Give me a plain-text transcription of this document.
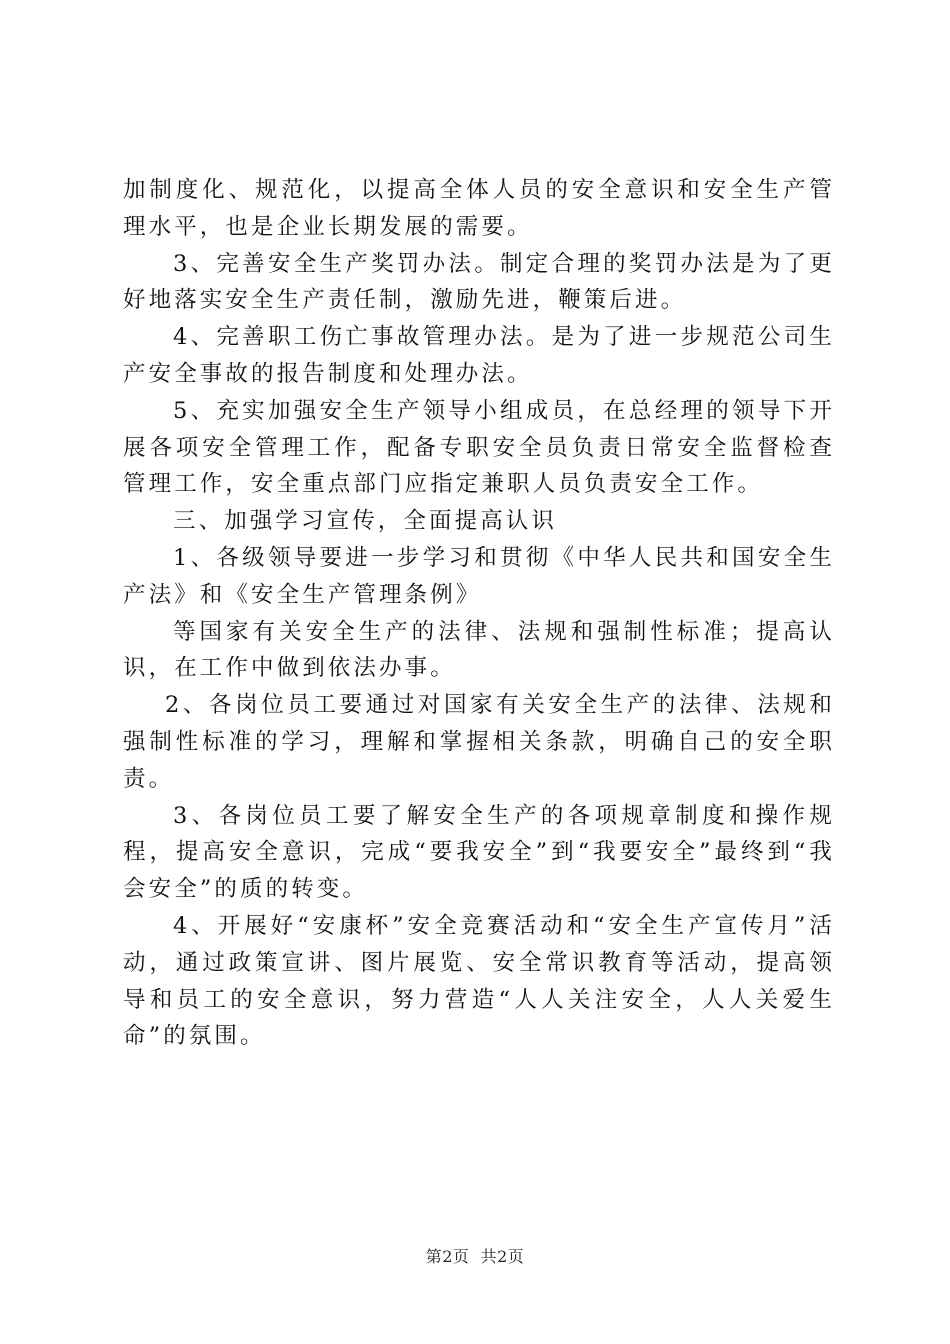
加制度化、规范化，以提高全体人员的安全意识和安全生产管理水平，也是企业长期发展的需要。

3、完善安全生产奖罚办法。制定合理的奖罚办法是为了更好地落实安全生产责任制，激励先进，鞭策后进。

4、完善职工伤亡事故管理办法。是为了进一步规范公司生产安全事故的报告制度和处理办法。

5、充实加强安全生产领导小组成员，在总经理的领导下开展各项安全管理工作，配备专职安全员负责日常安全监督检查管理工作，安全重点部门应指定兼职人员负责安全工作。

三、加强学习宣传，全面提高认识

1、各级领导要进一步学习和贯彻《中华人民共和国安全生产法》和《安全生产管理条例》

等国家有关安全生产的法律、法规和强制性标准；提高认识，在工作中做到依法办事。

2、各岗位员工要通过对国家有关安全生产的法律、法规和强制性标准的学习，理解和掌握相关条款，明确自己的安全职责。

3、各岗位员工要了解安全生产的各项规章制度和操作规程，提高安全意识，完成“要我安全”到“我要安全”最终到“我会安全”的质的转变。

4、开展好“安康杯”安全竞赛活动和“安全生产宣传月”活动，通过政策宣讲、图片展览、安全常识教育等活动，提高领导和员工的安全意识，努力营造“人人关注安全，人人关爱生命”的氛围。

第2页 共2页
